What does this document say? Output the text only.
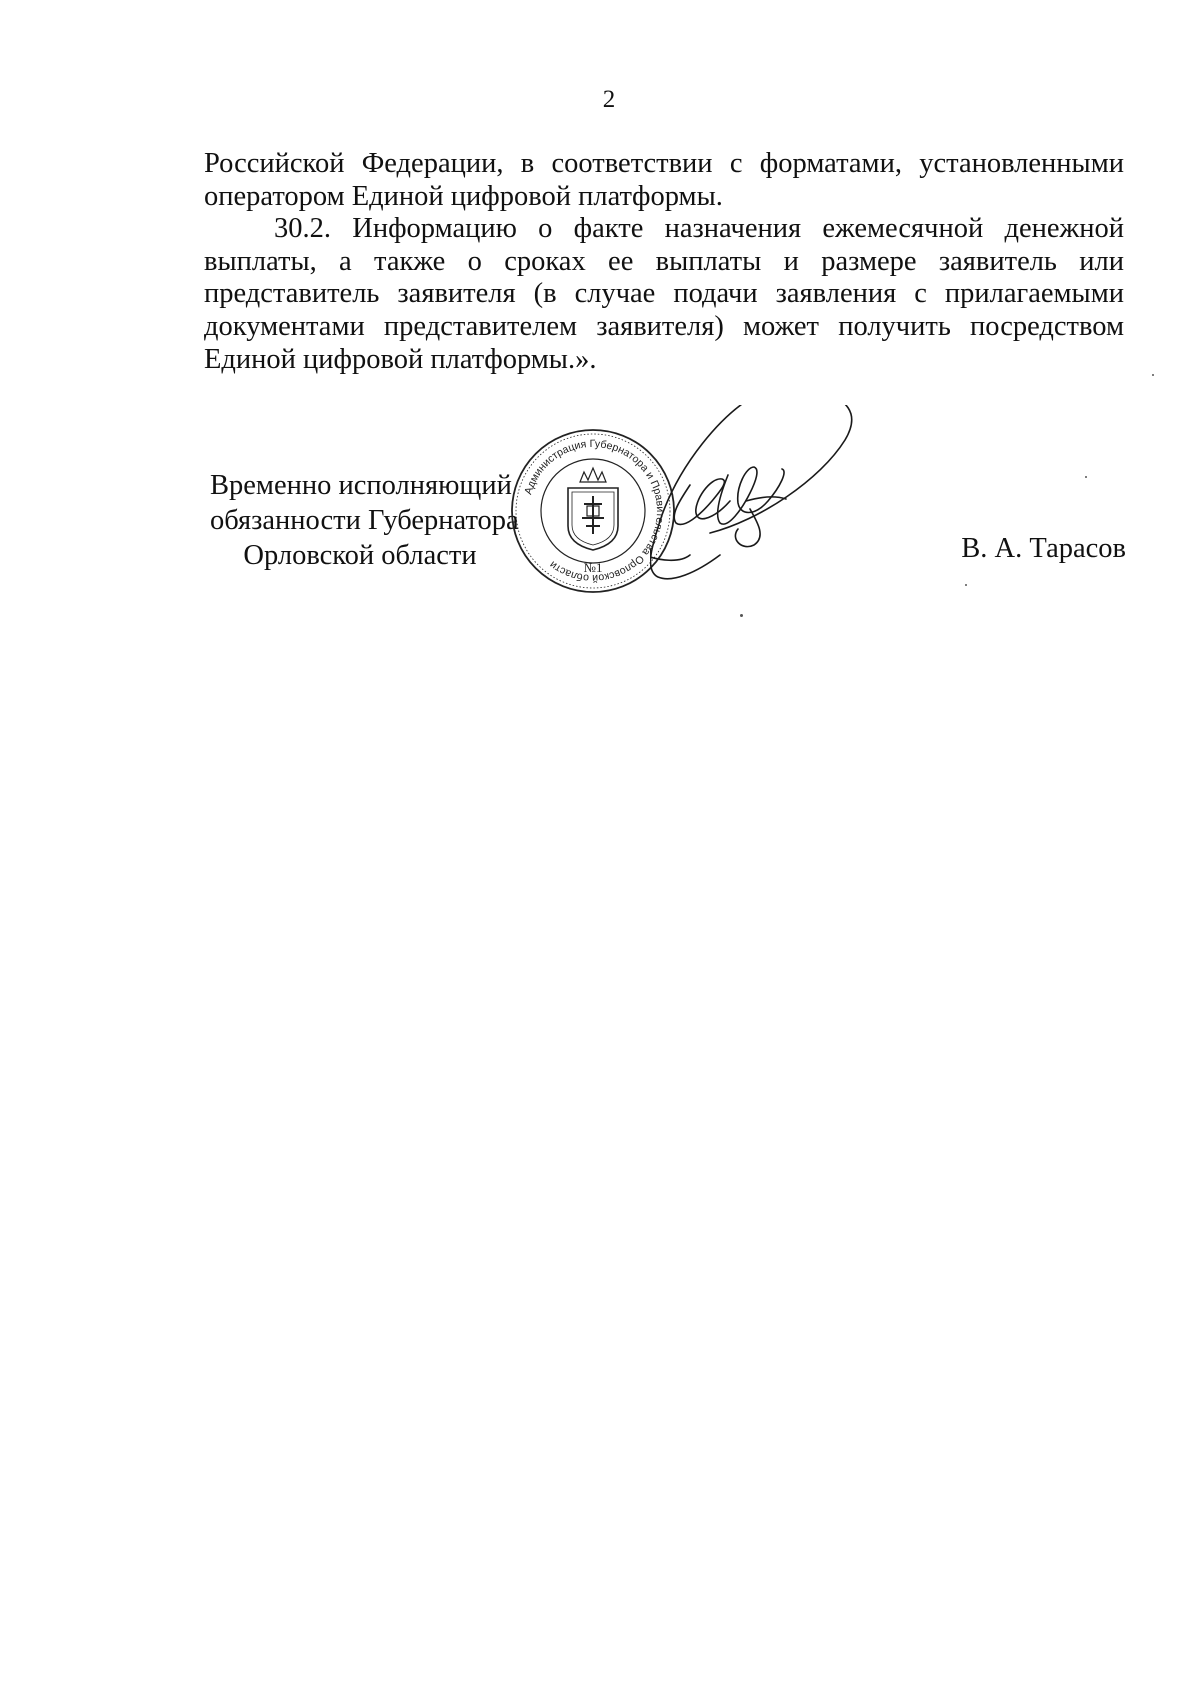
2

Российской Федерации, в соответствии с форматами, установленными оператором Единой цифровой платформы.

30.2. Информацию о факте назначения ежемесячной денежной выплаты, а также о сроках ее выплаты и размере заявитель или представитель заявителя (в случае подачи заявления с прилагаемыми документами представителем заявителя) может получить посредством Единой цифровой платформы.».

Временно исполняющий
обязанности Губернатора
Орловской области
Администрация Губернатора и Правительства Орловской области	№1
В. А. Тарасов
